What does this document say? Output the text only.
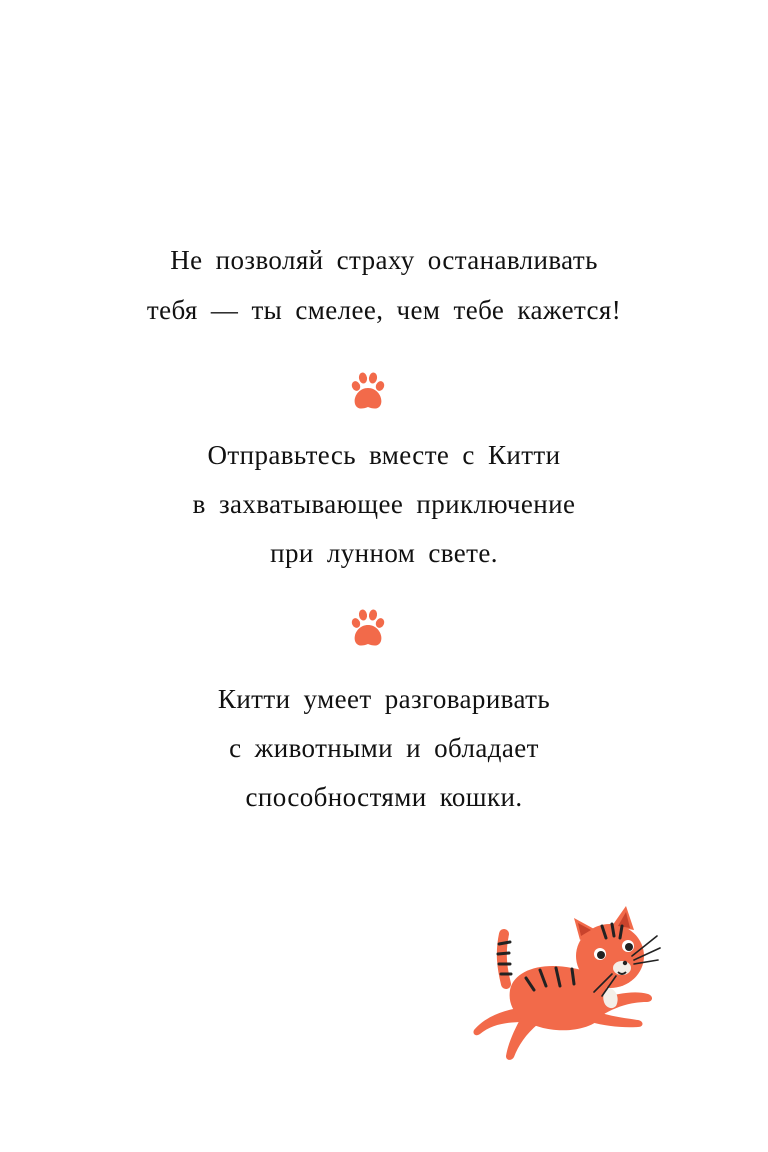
Не позволяй страху останавливать
тебя — ты смелее, чем тебе кажется!
Отправьтесь вместе с Китти
в захватывающее приключение
при лунном свете.
Китти умеет разговаривать
с животными и обладает
способностями кошки.
